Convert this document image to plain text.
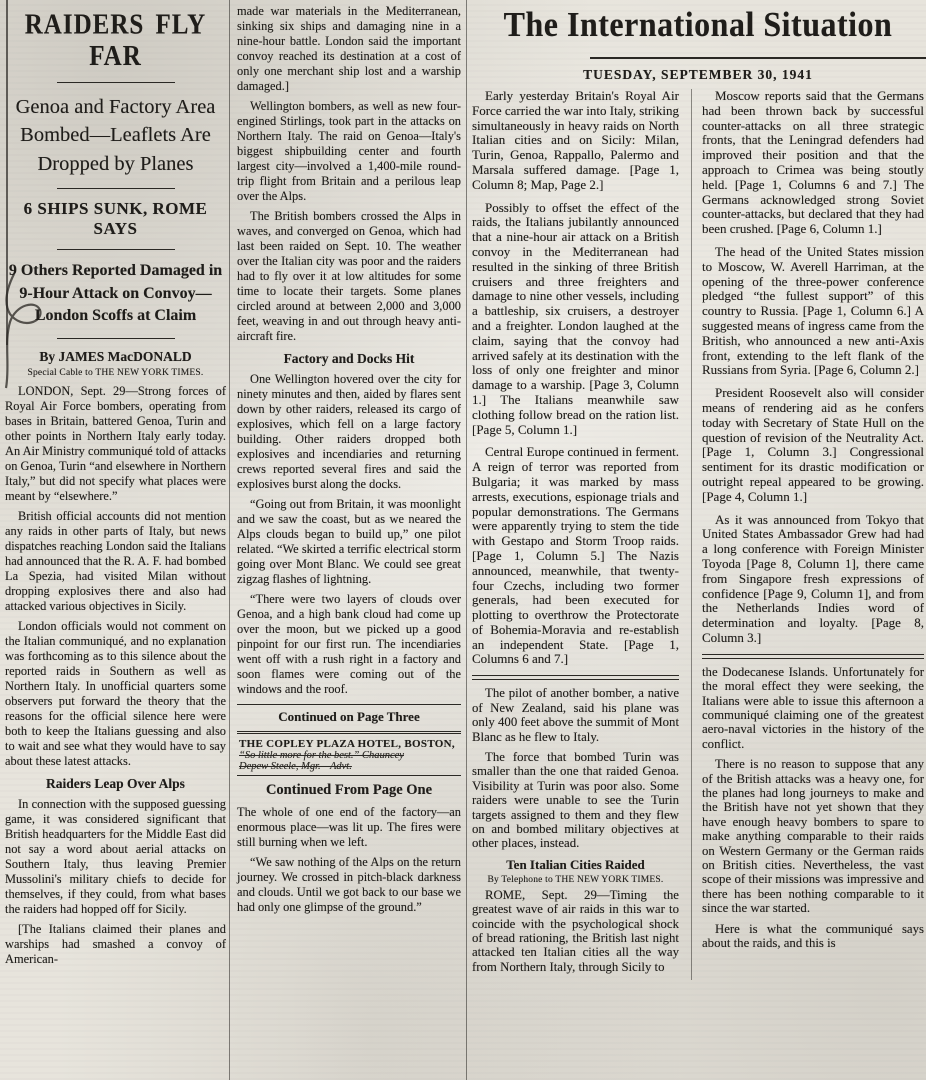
RAIDERS FLY FAR
Genoa and Factory Area Bombed—Leaflets Are Dropped by Planes
6 SHIPS SUNK, ROME SAYS
9 Others Reported Damaged in 9-Hour Attack on Convoy—London Scoffs at Claim
By JAMES MacDONALD
Special Cable to THE NEW YORK TIMES.

LONDON, Sept. 29—Strong forces of Royal Air Force bombers, operating from bases in Britain, battered Genoa, Turin and other points in Northern Italy early today. An Air Ministry communiqué told of attacks on Genoa, Turin “and elsewhere in Northern Italy,” but did not specify what places were meant by “elsewhere.”

British official accounts did not mention any raids in other parts of Italy, but news dispatches reaching London said the Italians had announced that the R. A. F. had bombed La Spezia, had visited Milan without dropping explosives there and also had attacked various objectives in Sicily.

London officials would not comment on the Italian communiqué, and no explanation was forthcoming as to this silence about the reported raids in Southern as well as Northern Italy. In unofficial quarters some observers put forward the theory that the reasons for the official silence here were both to keep the Italians guessing and also to wait and see what they would have to say about these latest attacks.

Raiders Leap Over Alps

In connection with the supposed guessing game, it was considered significant that British headquarters for the Middle East did not say a word about aerial attacks on Southern Italy, thus leaving Premier Mussolini's military chiefs to decide for themselves, if they could, from what bases the raiders had hopped off for Sicily.

[The Italians claimed their planes and warships had smashed a convoy of American-

made war materials in the Mediterranean, sinking six ships and damaging nine in a nine-hour battle. London said the important convoy reached its destination at a cost of only one merchant ship lost and a warship damaged.]

Wellington bombers, as well as new four-engined Stirlings, took part in the attacks on Northern Italy. The raid on Genoa—Italy's biggest shipbuilding center and fourth largest city—involved a 1,400-mile round-trip flight from Britain and a perilous leap over the Alps.

The British bombers crossed the Alps in waves, and converged on Genoa, which had last been raided on Sept. 10. The weather over the Italian city was poor and the raiders had to fly over it at low altitudes for some time to locate their targets. Some planes circled around at between 2,000 and 3,000 feet, weaving in and out through heavy anti-aircraft fire.

Factory and Docks Hit

One Wellington hovered over the city for ninety minutes and then, aided by flares sent down by other raiders, released its cargo of explosives, which fell on a large factory building. Other raiders dropped both explosives and incendiaries and returning crews reported several fires and said the explosives burst along the docks.

“Going out from Britain, it was moonlight and we saw the coast, but as we neared the Alps clouds began to build up,” one pilot related. “We skirted a terrific electrical storm going over Mont Blanc. We could see great zigzag flashes of lightning.

“There were two layers of clouds over Genoa, and a high bank cloud had come up over the moon, but we picked up a good pinpoint for our first run. The incendiaries went off with a rush right in a factory and soon flames were coming out of the windows and the roof.

Continued on Page Three
THE COPLEY PLAZA HOTEL, BOSTON,
“So little more for the best.” Chauncey
Depew Steele, Mgr.—Advt.
Continued From Page One

The whole of one end of the factory—an enormous place—was lit up. The fires were still burning when we left.

“We saw nothing of the Alps on the return journey. We crossed in pitch-black darkness and clouds. Until we got back to our base we had only one glimpse of the ground.”

The International Situation
TUESDAY, SEPTEMBER 30, 1941

Early yesterday Britain's Royal Air Force carried the war into Italy, striking simultaneously in heavy raids on North Italian cities and on Sicily: Milan, Turin, Genoa, Rappallo, Palermo and Marsala suffered damage. [Page 1, Column 8; Map, Page 2.]

Possibly to offset the effect of the raids, the Italians jubilantly announced that a nine-hour air attack on a British convoy in the Mediterranean had resulted in the sinking of three British cruisers and three freighters and damage to nine other vessels, including a battleship, six cruisers, a destroyer and a freighter. London laughed at the claim, saying that the convoy had arrived safely at its destination with the loss of only one freighter and minor damage to a warship. [Page 3, Column 1.] The Italians meanwhile saw clothing follow bread on the ration list. [Page 5, Column 1.]

Central Europe continued in ferment. A reign of terror was reported from Bulgaria; it was marked by mass arrests, executions, espionage trials and popular demonstrations. The Germans were apparently trying to stem the tide with Gestapo and Storm Troop raids. [Page 1, Column 5.] The Nazis announced, meanwhile, that twenty-four Czechs, including two former generals, had been executed for plotting to overthrow the Protectorate of Bohemia-Moravia and re-establish an independent State. [Page 1, Columns 6 and 7.]

The pilot of another bomber, a native of New Zealand, said his plane was only 400 feet above the summit of Mont Blanc as he flew to Italy.

The force that bombed Turin was smaller than the one that raided Genoa. Visibility at Turin was poor also. Some raiders were unable to see the Turin targets assigned to them and they flew on and bombed military objectives at other places, instead.

Ten Italian Cities Raided
By Telephone to THE NEW YORK TIMES.

ROME, Sept. 29—Timing the greatest wave of air raids in this war to coincide with the psychological shock of bread rationing, the British last night attacked ten Italian cities all the way from Northern Italy, through Sicily to

Moscow reports said that the Germans had been thrown back by successful counter-attacks on all three strategic fronts, that the Leningrad defenders had improved their position and that the approach to Crimea was being stoutly held. [Page 1, Columns 6 and 7.] The Germans acknowledged strong Soviet counter-attacks, but declared that they had been crushed. [Page 6, Column 1.]

The head of the United States mission to Moscow, W. Averell Harriman, at the opening of the three-power conference pledged “the fullest support” of this country to Russia. [Page 1, Column 6.] A suggested means of ingress came from the British, who announced a new anti-Axis front, extending to the left flank of the Russians from Syria. [Page 6, Column 2.]

President Roosevelt also will consider means of rendering aid as he confers today with Secretary of State Hull on the question of revision of the Neutrality Act. [Page 1, Column 3.] Congressional sentiment for its drastic modification or outright repeal appeared to be growing. [Page 4, Column 1.]

As it was announced from Tokyo that United States Ambassador Grew had had a long conference with Foreign Minister Toyoda [Page 8, Column 1], there came from Singapore fresh expressions of confidence [Page 9, Column 1], and from the Netherlands Indies word of determination and loyalty. [Page 8, Column 3.]

the Dodecanese Islands. Unfortunately for the moral effect they were seeking, the Italians were able to issue this afternoon a communiqué claiming one of the greatest aero-naval victories in the history of the conflict.

There is no reason to suppose that any of the British attacks was a heavy one, for the planes had long journeys to make and the British have not yet shown that they have enough heavy bombers to spare to make anything comparable to their raids on Western Germany or the German raids on British cities. Nevertheless, the vast scope of their missions was impressive and there has been nothing comparable to it since the war started.

Here is what the communiqué says about the raids, and this is
